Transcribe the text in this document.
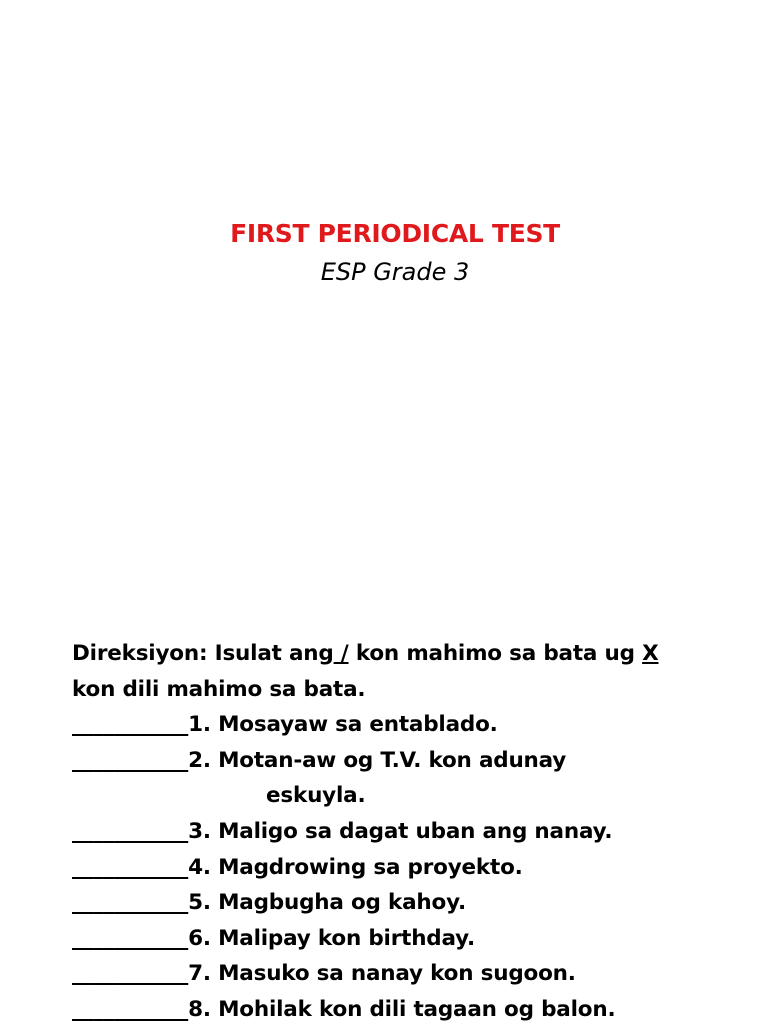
FIRST PERIODICAL TEST
ESP Grade 3
Direksiyon: Isulat ang / kon mahimo sa bata ug X
kon dili mahimo sa bata.
___________1. Mosayaw sa entablado.
___________2. Motan-aw og T.V. kon adunay
eskuyla.
___________3. Maligo sa dagat uban ang nanay.
___________4. Magdrowing sa proyekto.
___________5. Magbugha og kahoy.
___________6. Malipay kon birthday.
___________7. Masuko sa nanay kon sugoon.
___________8. Mohilak kon dili tagaan og balon.
